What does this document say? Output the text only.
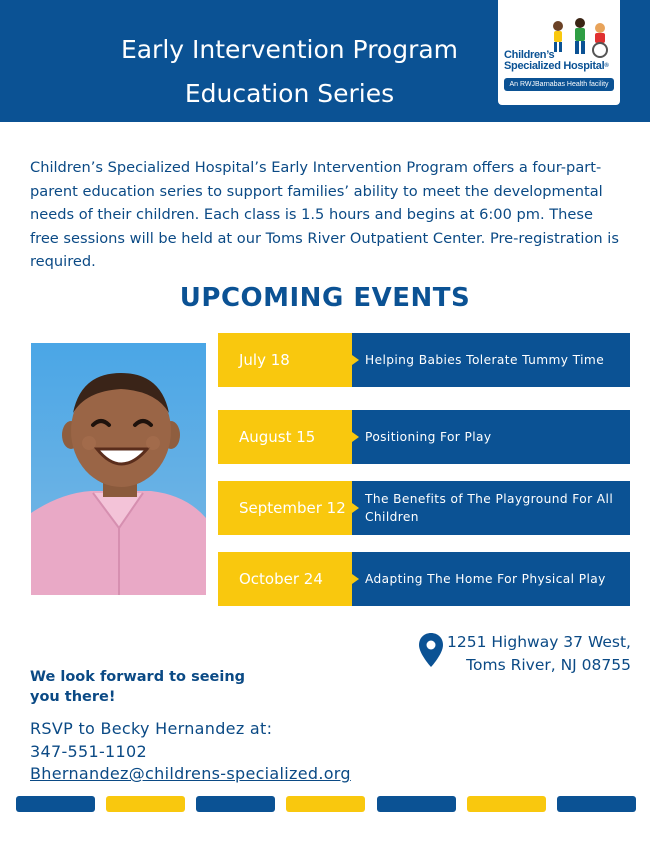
Early Intervention Program
Education Series
Children’s
Specialized Hospital®
An RWJBarnabas Health facility

Children’s Specialized Hospital’s Early Intervention Program offers a four-part-parent education series to support families’ ability to meet the developmental needs of their children. Each class is 1.5 hours and begins at 6:00 pm. These free sessions will be held at our Toms River Outpatient Center. Pre-registration is required.

UPCOMING EVENTS
July 18	Helping Babies Tolerate Tummy Time
August 15	Positioning For Play
September 12	The Benefits of The Playground For All Children
October 24	Adapting The Home For Physical Play
1251 Highway 37 West,
Toms River, NJ 08755

We look forward to seeing you there!

RSVP to Becky Hernandez at:
347-551-1102
Bhernandez@childrens-specialized.org
